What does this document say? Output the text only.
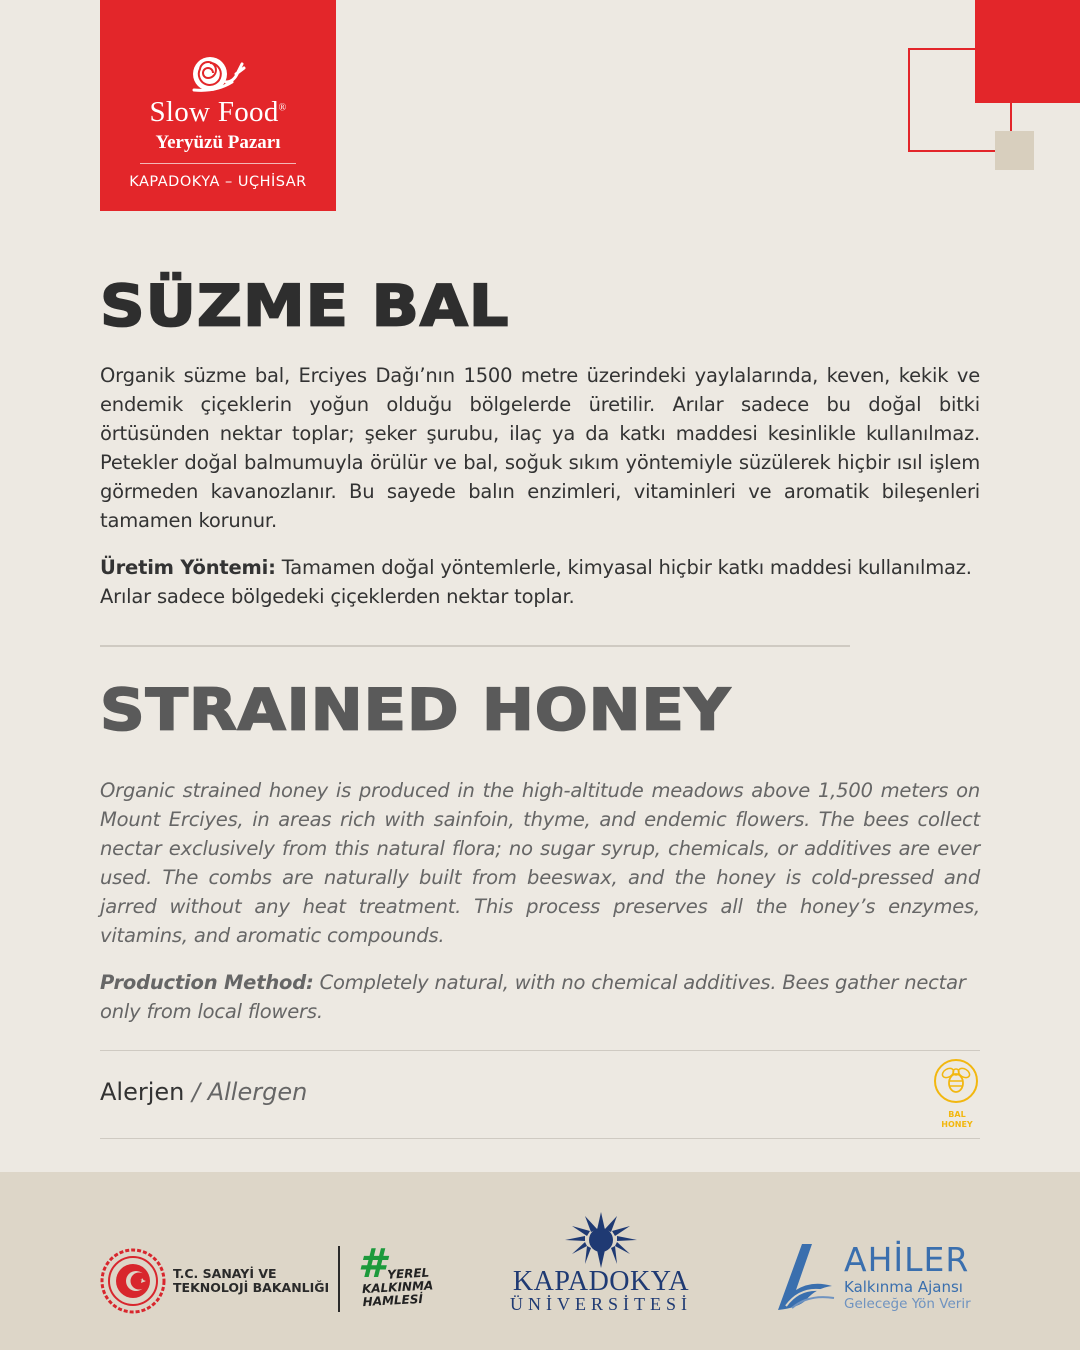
Slow Food®
Yeryüzü Pazarı
KAPADOKYA – UÇHİSAR
SÜZME BAL

Organik süzme bal, Erciyes Dağı’nın 1500 metre üzerindeki yaylalarında, keven, kekik ve endemik çiçeklerin yoğun olduğu bölgelerde üretilir. Arılar sadece bu doğal bitki örtüsünden nektar toplar; şeker şurubu, ilaç ya da katkı maddesi kesinlikle kullanılmaz. Petekler doğal balmumuyla örülür ve bal, soğuk sıkım yöntemiyle süzülerek hiçbir ısıl işlem görmeden kavanozlanır. Bu sayede balın enzimleri, vitaminleri ve aromatik bileşenleri tamamen korunur.

Üretim Yöntemi: Tamamen doğal yöntemlerle, kimyasal hiçbir katkı maddesi kullanılmaz. Arılar sadece bölgedeki çiçeklerden nektar toplar.

STRAINED HONEY

Organic strained honey is produced in the high-altitude meadows above 1,500 meters on Mount Erciyes, in areas rich with sainfoin, thyme, and endemic flowers. The bees collect nectar exclusively from this natural flora; no sugar syrup, chemicals, or additives are ever used. The combs are naturally built from beeswax, and the honey is cold-pressed and jarred without any heat treatment. This process preserves all the honey’s enzymes, vitamins, and aromatic compounds.

Production Method: Completely natural, with no chemical additives. Bees gather nectar only from local flowers.

Alerjen / Allergen
BAL
HONEY
T.C. SANAYİ VE
TEKNOLOJİ BAKANLIĞI
# YEREL
KALKINMA
HAMLESİ
KAPADOKYA
ÜNİVERSİTESİ
AHİLER
Kalkınma Ajansı
Geleceğe Yön Verir
